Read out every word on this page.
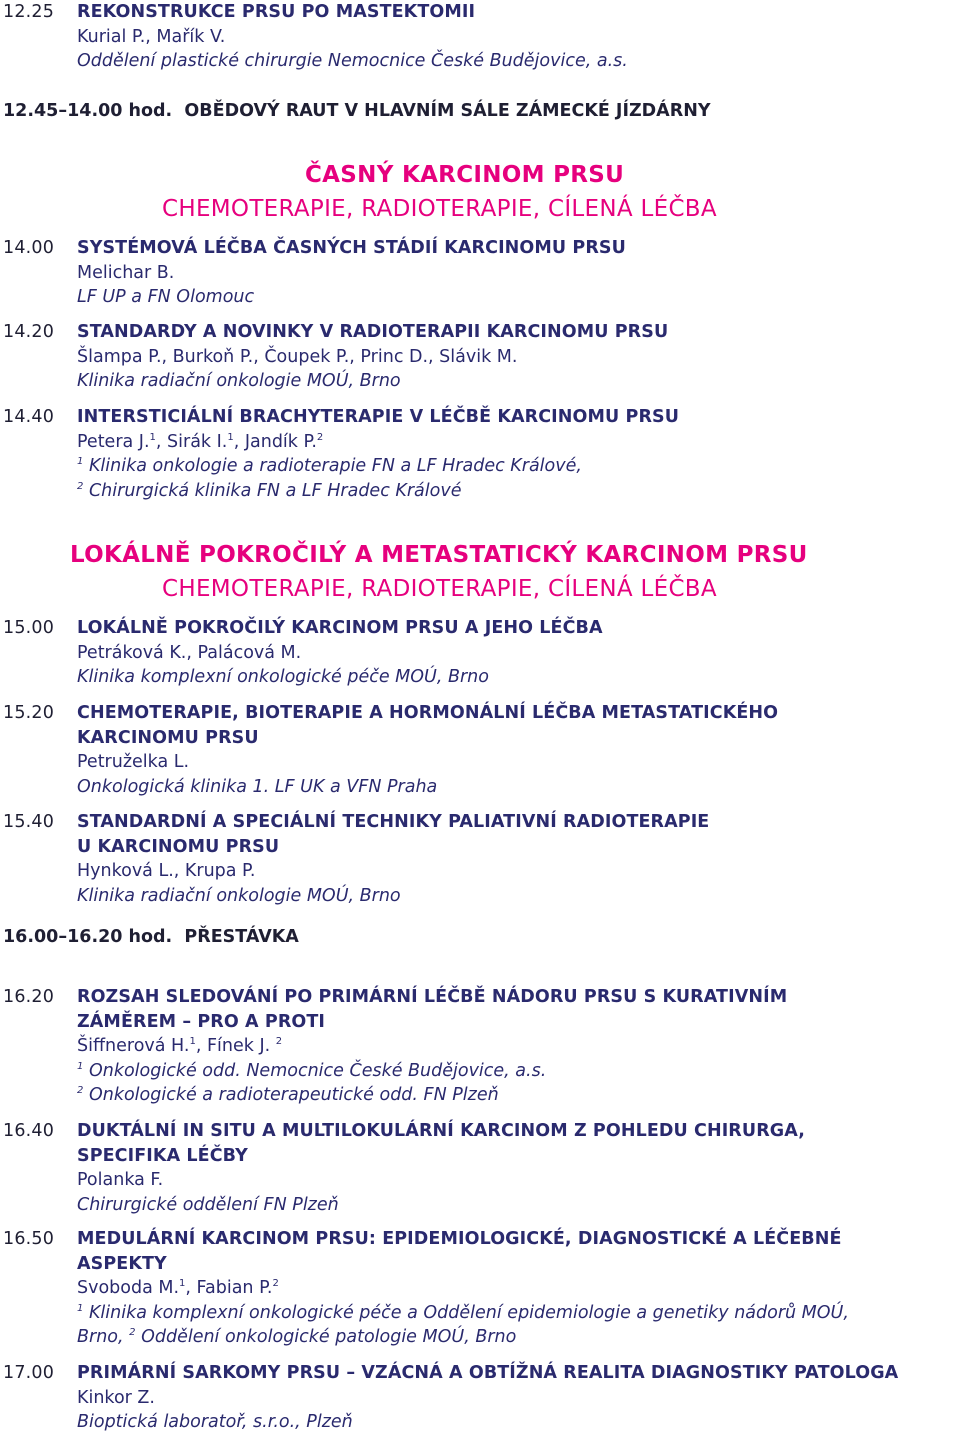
12.25 REKONSTRUKCE PRSU PO MASTEKTOMII
Kurial P., Mařík V.
Oddělení plastické chirurgie Nemocnice České Budějovice, a.s.
12.45–14.00 hod. OBĚDOVÝ RAUT V HLAVNÍM SÁLE ZÁMECKÉ JÍZDÁRNY
ČASNÝ KARCINOM PRSU
CHEMOTERAPIE, RADIOTERAPIE, CÍLENÁ LÉČBA
14.00 SYSTÉMOVÁ LÉČBA ČASNÝCH STÁDIÍ KARCINOMU PRSU
Melichar B.
LF UP a FN Olomouc
14.20 STANDARDY A NOVINKY V RADIOTERAPII KARCINOMU PRSU
Šlampa P., Burkoň P., Čoupek P., Princ D., Slávik M.
Klinika radiační onkologie MOÚ, Brno
14.40 INTERSTICIÁLNÍ BRACHYTERAPIE V LÉČBĚ KARCINOMU PRSU
Petera J.$^1$, Sirák I.$^1$, Jandík P.$^2$
$^1$ Klinika onkologie a radioterapie FN a LF Hradec Králové,
$^2$ Chirurgická klinika FN a LF Hradec Králové
LOKÁLNĚ POKROČILÝ A METASTATICKÝ KARCINOM PRSU
CHEMOTERAPIE, RADIOTERAPIE, CÍLENÁ LÉČBA
15.00 LOKÁLNĚ POKROČILÝ KARCINOM PRSU A JEHO LÉČBA
Petráková K., Palácová M.
Klinika komplexní onkologické péče MOÚ, Brno
15.20 CHEMOTERAPIE, BIOTERAPIE A HORMONÁLNÍ LÉČBA METASTATICKÉHO
KARCINOMU PRSU
Petruželka L.
Onkologická klinika 1. LF UK a VFN Praha
15.40 STANDARDNÍ A SPECIÁLNÍ TECHNIKY PALIATIVNÍ RADIOTERAPIE
U KARCINOMU PRSU
Hynková L., Krupa P.
Klinika radiační onkologie MOÚ, Brno
16.00–16.20 hod. PŘESTÁVKA
16.20 ROZSAH SLEDOVÁNÍ PO PRIMÁRNÍ LÉČBĚ NÁDORU PRSU S KURATIVNÍM
ZÁMĚREM – PRO A PROTI
Šiffnerová H.$^1$, Fínek J. $^2$
$^1$ Onkologické odd. Nemocnice České Budějovice, a.s.
$^2$ Onkologické a radioterapeutické odd. FN Plzeň
16.40 DUKTÁLNÍ IN SITU A MULTILOKULÁRNÍ KARCINOM Z POHLEDU CHIRURGA,
SPECIFIKA LÉČBY
Polanka F.
Chirurgické oddělení FN Plzeň
16.50 MEDULÁRNÍ KARCINOM PRSU: EPIDEMIOLOGICKÉ, DIAGNOSTICKÉ A LÉČEBNÉ
ASPEKTY
Svoboda M.$^1$, Fabian P.$^2$
$^1$ Klinika komplexní onkologické péče a Oddělení epidemiologie a genetiky nádorů MOÚ,
Brno, $^2$ Oddělení onkologické patologie MOÚ, Brno
17.00 PRIMÁRNÍ SARKOMY PRSU – VZÁCNÁ A OBTÍŽNÁ REALITA DIAGNOSTIKY PATOLOGA
Kinkor Z.
Bioptická laboratoř, s.r.o., Plzeň
